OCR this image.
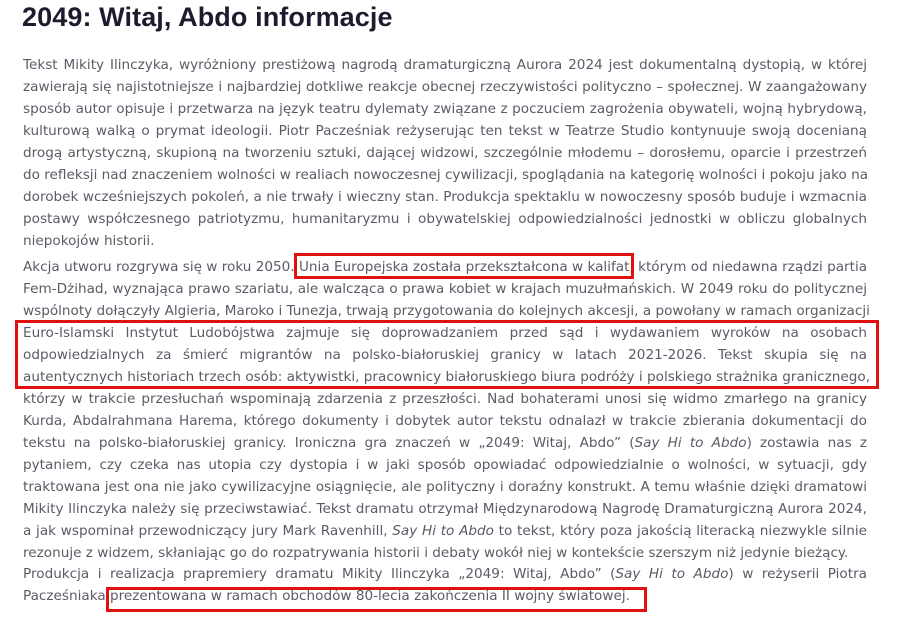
2049: Witaj, Abdo informacje
Tekst Mikity Ilinczyka, wyróżniony prestiżową nagrodą dramaturgiczną Aurora 2024 jest dokumentalną dystopią, w której
zawierają się najistotniejsze i najbardziej dotkliwe reakcje obecnej rzeczywistości polityczno – społecznej. W zaangażowany
sposób autor opisuje i przetwarza na język teatru dylematy związane z poczuciem zagrożenia obywateli, wojną hybrydową,
kulturową walką o prymat ideologii. Piotr Pacześniak reżyserując ten tekst w Teatrze Studio kontynuuje swoją docenianą
drogą artystyczną, skupioną na tworzeniu sztuki, dającej widzowi, szczególnie młodemu – dorosłemu, oparcie i przestrzeń
do refleksji nad znaczeniem wolności w realiach nowoczesnej cywilizacji, spoglądania na kategorię wolności i pokoju jako na
dorobek wcześniejszych pokoleń, a nie trwały i wieczny stan. Produkcja spektaklu w nowoczesny sposób buduje i wzmacnia
postawy współczesnego patriotyzmu, humanitaryzmu i obywatelskiej odpowiedzialności jednostki w obliczu globalnych
niepokojów historii.
Akcja utworu rozgrywa się w roku 2050. Unia Europejska została przekształcona w kalifat, którym od niedawna rządzi partia
Fem-Dżihad, wyznająca prawo szariatu, ale walcząca o prawa kobiet w krajach muzułmańskich. W 2049 roku do politycznej
wspólnoty dołączyły Algieria, Maroko i Tunezja, trwają przygotowania do kolejnych akcesji, a powołany w ramach organizacji
Euro-Islamski Instytut Ludobójstwa zajmuje się doprowadzaniem przed sąd i wydawaniem wyroków na osobach
odpowiedzialnych za śmierć migrantów na polsko-białoruskiej granicy w latach 2021-2026. Tekst skupia się na
autentycznych historiach trzech osób: aktywistki, pracownicy białoruskiego biura podróży i polskiego strażnika granicznego,
którzy w trakcie przesłuchań wspominają zdarzenia z przeszłości. Nad bohaterami unosi się widmo zmarłego na granicy
Kurda, Abdalrahmana Harema, którego dokumenty i dobytek autor tekstu odnalazł w trakcie zbierania dokumentacji do
tekstu na polsko-białoruskiej granicy. Ironiczna gra znaczeń w „2049: Witaj, Abdo” (Say Hi to Abdo) zostawia nas z
pytaniem, czy czeka nas utopia czy dystopia i w jaki sposób opowiadać odpowiedzialnie o wolności, w sytuacji, gdy
traktowana jest ona nie jako cywilizacyjne osiągnięcie, ale polityczny i doraźny konstrukt. A temu właśnie dzięki dramatowi
Mikity Ilinczyka należy się przeciwstawiać. Tekst dramatu otrzymał Międzynarodową Nagrodę Dramaturgiczną Aurora 2024,
a jak wspominał przewodniczący jury Mark Ravenhill, Say Hi to Abdo to tekst, który poza jakością literacką niezwykle silnie
rezonuje z widzem, skłaniając go do rozpatrywania historii i debaty wokół niej w kontekście szerszym niż jedynie bieżący.
Produkcja i realizacja prapremiery dramatu Mikity Ilinczyka „2049: Witaj, Abdo” (Say Hi to Abdo) w reżyserii Piotra
Pacześniaka prezentowana w ramach obchodów 80-lecia zakończenia II wojny światowej.
